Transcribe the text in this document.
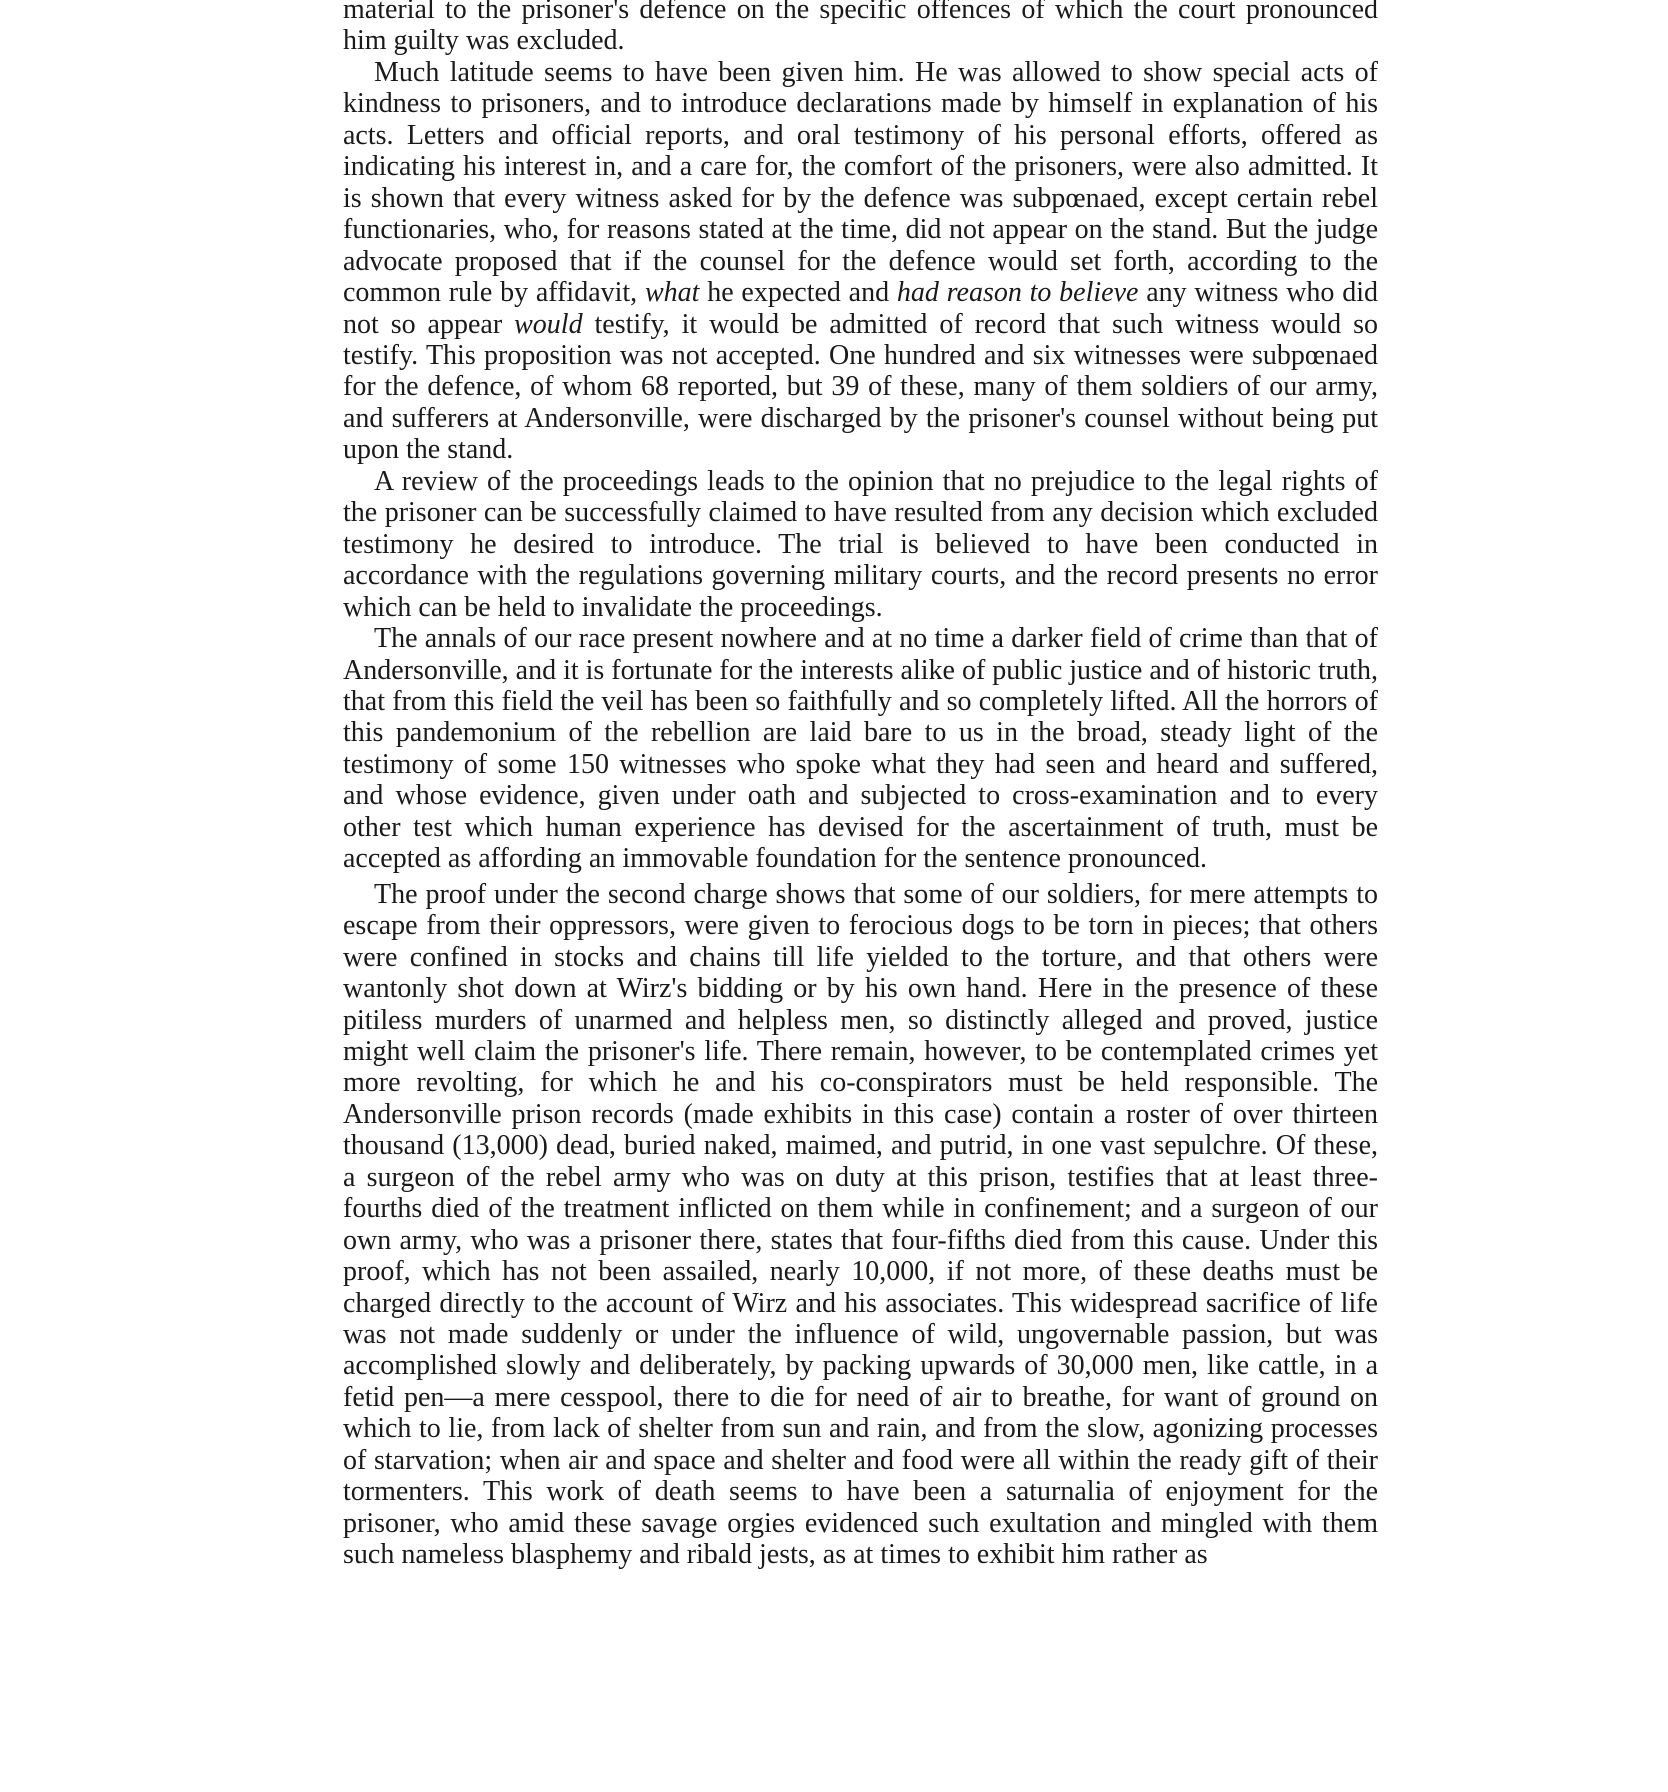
material to the prisoner's defence on the specific offences of which the court pronounced him guilty was excluded.

Much latitude seems to have been given him. He was allowed to show special acts of kindness to prisoners, and to introduce declarations made by himself in explanation of his acts. Letters and official reports, and oral testimony of his personal efforts, offered as indicating his interest in, and a care for, the comfort of the prisoners, were also admitted. It is shown that every witness asked for by the defence was subpœnaed, except certain rebel functionaries, who, for reasons stated at the time, did not appear on the stand. But the judge advocate proposed that if the counsel for the defence would set forth, according to the common rule by affidavit, what he expected and had reason to believe any witness who did not so appear would testify, it would be admitted of record that such witness would so testify. This proposition was not accepted. One hundred and six witnesses were subpœnaed for the defence, of whom 68 reported, but 39 of these, many of them soldiers of our army, and sufferers at Andersonville, were discharged by the prisoner's counsel without being put upon the stand.

A review of the proceedings leads to the opinion that no prejudice to the legal rights of the prisoner can be successfully claimed to have resulted from any decision which excluded testimony he desired to introduce. The trial is believed to have been conducted in accordance with the regulations governing military courts, and the record presents no error which can be held to invalidate the proceedings.

The annals of our race present nowhere and at no time a darker field of crime than that of Andersonville, and it is fortunate for the interests alike of public justice and of historic truth, that from this field the veil has been so faithfully and so completely lifted. All the horrors of this pandemonium of the rebellion are laid bare to us in the broad, steady light of the testimony of some 150 witnesses who spoke what they had seen and heard and suffered, and whose evidence, given under oath and subjected to cross-examination and to every other test which human experience has devised for the ascertainment of truth, must be accepted as affording an immovable foundation for the sentence pronounced.

The proof under the second charge shows that some of our soldiers, for mere attempts to escape from their oppressors, were given to ferocious dogs to be torn in pieces; that others were confined in stocks and chains till life yielded to the torture, and that others were wantonly shot down at Wirz's bidding or by his own hand. Here in the presence of these pitiless murders of unarmed and helpless men, so distinctly alleged and proved, justice might well claim the prisoner's life. There remain, however, to be contemplated crimes yet more revolting, for which he and his co-conspirators must be held responsible. The Andersonville prison records (made exhibits in this case) contain a roster of over thirteen thousand (13,000) dead, buried naked, maimed, and putrid, in one vast sepulchre. Of these, a surgeon of the rebel army who was on duty at this prison, testifies that at least three-fourths died of the treatment inflicted on them while in confinement; and a surgeon of our own army, who was a prisoner there, states that four-fifths died from this cause. Under this proof, which has not been assailed, nearly 10,000, if not more, of these deaths must be charged directly to the account of Wirz and his associates. This widespread sacrifice of life was not made suddenly or under the influence of wild, ungovernable passion, but was accomplished slowly and deliberately, by packing upwards of 30,000 men, like cattle, in a fetid pen—a mere cesspool, there to die for need of air to breathe, for want of ground on which to lie, from lack of shelter from sun and rain, and from the slow, agonizing processes of starvation; when air and space and shelter and food were all within the ready gift of their tormenters. This work of death seems to have been a saturnalia of enjoyment for the prisoner, who amid these savage orgies evidenced such exultation and mingled with them such nameless blasphemy and ribald jests, as at times to exhibit him rather as
